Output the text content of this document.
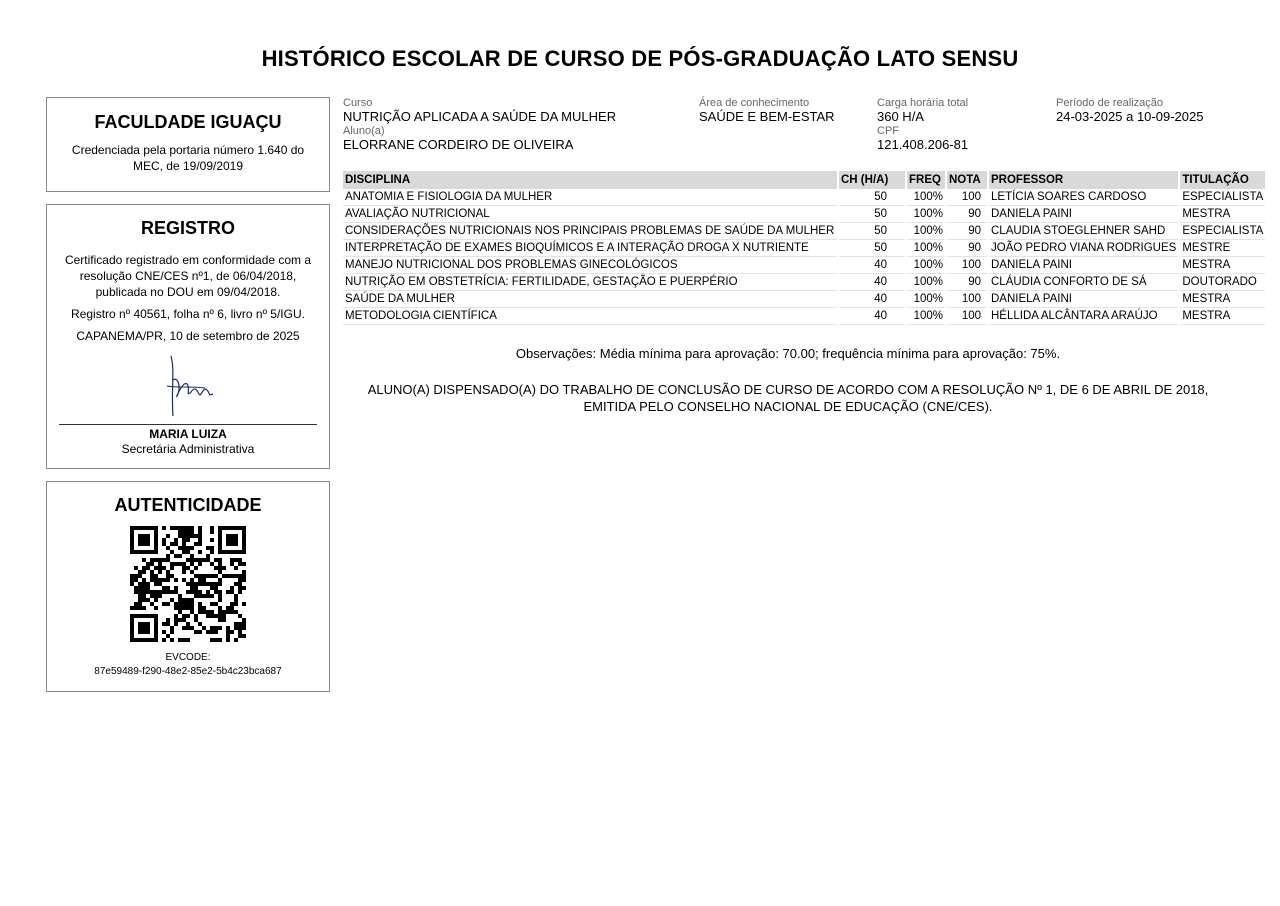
HISTÓRICO ESCOLAR DE CURSO DE PÓS-GRADUAÇÃO LATO SENSU
FACULDADE IGUAÇU

Credenciada pela portaria número 1.640 do MEC, de 19/09/2019

REGISTRO

Certificado registrado em conformidade com a resolução CNE/CES nº1, de 06/04/2018, publicada no DOU em 09/04/2018.

Registro nº 40561, folha nº 6, livro nº 5/IGU.

CAPANEMA/PR, 10 de setembro de 2025

MARIA LUIZA
Secretária Administrativa
AUTENTICIDADE
EVCODE:
87e59489-f290-48e2-85e2-5b4c23bca687
Curso
NUTRIÇÃO APLICADA A SAÚDE DA MULHER
Área de conhecimento
SAÚDE E BEM-ESTAR
Carga horária total
360 H/A
Período de realização
24-03-2025 a 10-09-2025
Aluno(a)
ELORRANE CORDEIRO DE OLIVEIRA
CPF
121.408.206-81
DISCIPLINA	CH (H/A)	FREQ	NOTA	PROFESSOR	TITULAÇÃO
ANATOMIA E FISIOLOGIA DA MULHER	50	100%	100	LETÍCIA SOARES CARDOSO	ESPECIALISTA
AVALIAÇÃO NUTRICIONAL	50	100%	90	DANIELA PAINI	MESTRA
CONSIDERAÇÕES NUTRICIONAIS NOS PRINCIPAIS PROBLEMAS DE SAÚDE DA MULHER	50	100%	90	CLAUDIA STOEGLEHNER SAHD	ESPECIALISTA
INTERPRETAÇÃO DE EXAMES BIOQUÍMICOS E A INTERAÇÃO DROGA X NUTRIENTE	50	100%	90	JOÃO PEDRO VIANA RODRIGUES	MESTRE
MANEJO NUTRICIONAL DOS PROBLEMAS GINECOLÓGICOS	40	100%	100	DANIELA PAINI	MESTRA
NUTRIÇÃO EM OBSTETRÍCIA: FERTILIDADE, GESTAÇÃO E PUERPÉRIO	40	100%	90	CLÁUDIA CONFORTO DE SÁ	DOUTORADO
SAÚDE DA MULHER	40	100%	100	DANIELA PAINI	MESTRA
METODOLOGIA CIENTÍFICA	40	100%	100	HÉLLIDA ALCÂNTARA ARAÚJO	MESTRA
Observações: Média mínima para aprovação: 70.00; frequência mínima para aprovação: 75%.
ALUNO(A) DISPENSADO(A) DO TRABALHO DE CONCLUSÃO DE CURSO DE ACORDO COM A RESOLUÇÃO Nº 1, DE 6 DE ABRIL DE 2018, EMITIDA PELO CONSELHO NACIONAL DE EDUCAÇÃO (CNE/CES).
